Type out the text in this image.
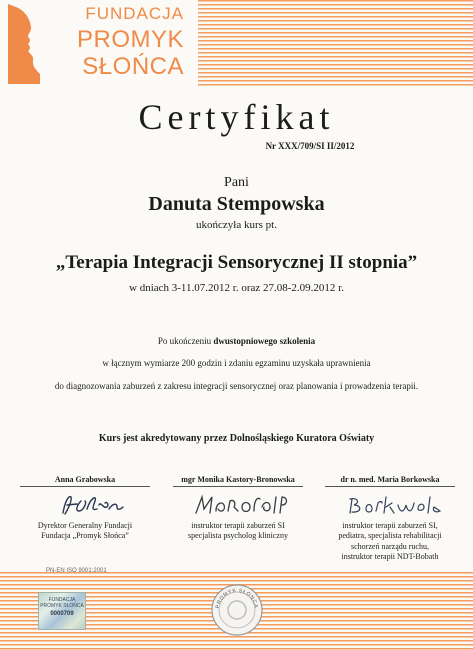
FUNDACJA
PROMYK
SŁOŃCA
Certyfikat
Nr XXX/709/SI II/2012
Pani
Danuta Stempowska
ukończyła kurs pt.
„Terapia Integracji Sensorycznej II stopnia”
w dniach 3-11.07.2012 r. oraz 27.08-2.09.2012 r.
Po ukończeniu dwustopniowego szkolenia
w łącznym wymiarze 200 godzin i zdaniu egzaminu uzyskała uprawnienia
do diagnozowania zaburzeń z zakresu integracji sensorycznej oraz planowania i prowadzenia terapii.
Kurs jest akredytowany przez Dolnośląskiego Kuratora Oświaty
Anna Grabowska
Dyrektor Generalny Fundacji
Fundacja „Promyk Słońca”
mgr Monika Kastory-Bronowska
instruktor terapii zaburzeń SI
specjalista psycholog kliniczny
dr n. med. Maria Borkowska
instruktor terapii zaburzeń SI,
pediatra, specjalista rehabilitacji
schorzeń narządu ruchu,
instruktor terapii NDT-Bobath
PN-EN ISO 9001:2001
FUNDACJA
PROMYK SŁOŃCA
0000709
PROMYK SŁOŃCA
